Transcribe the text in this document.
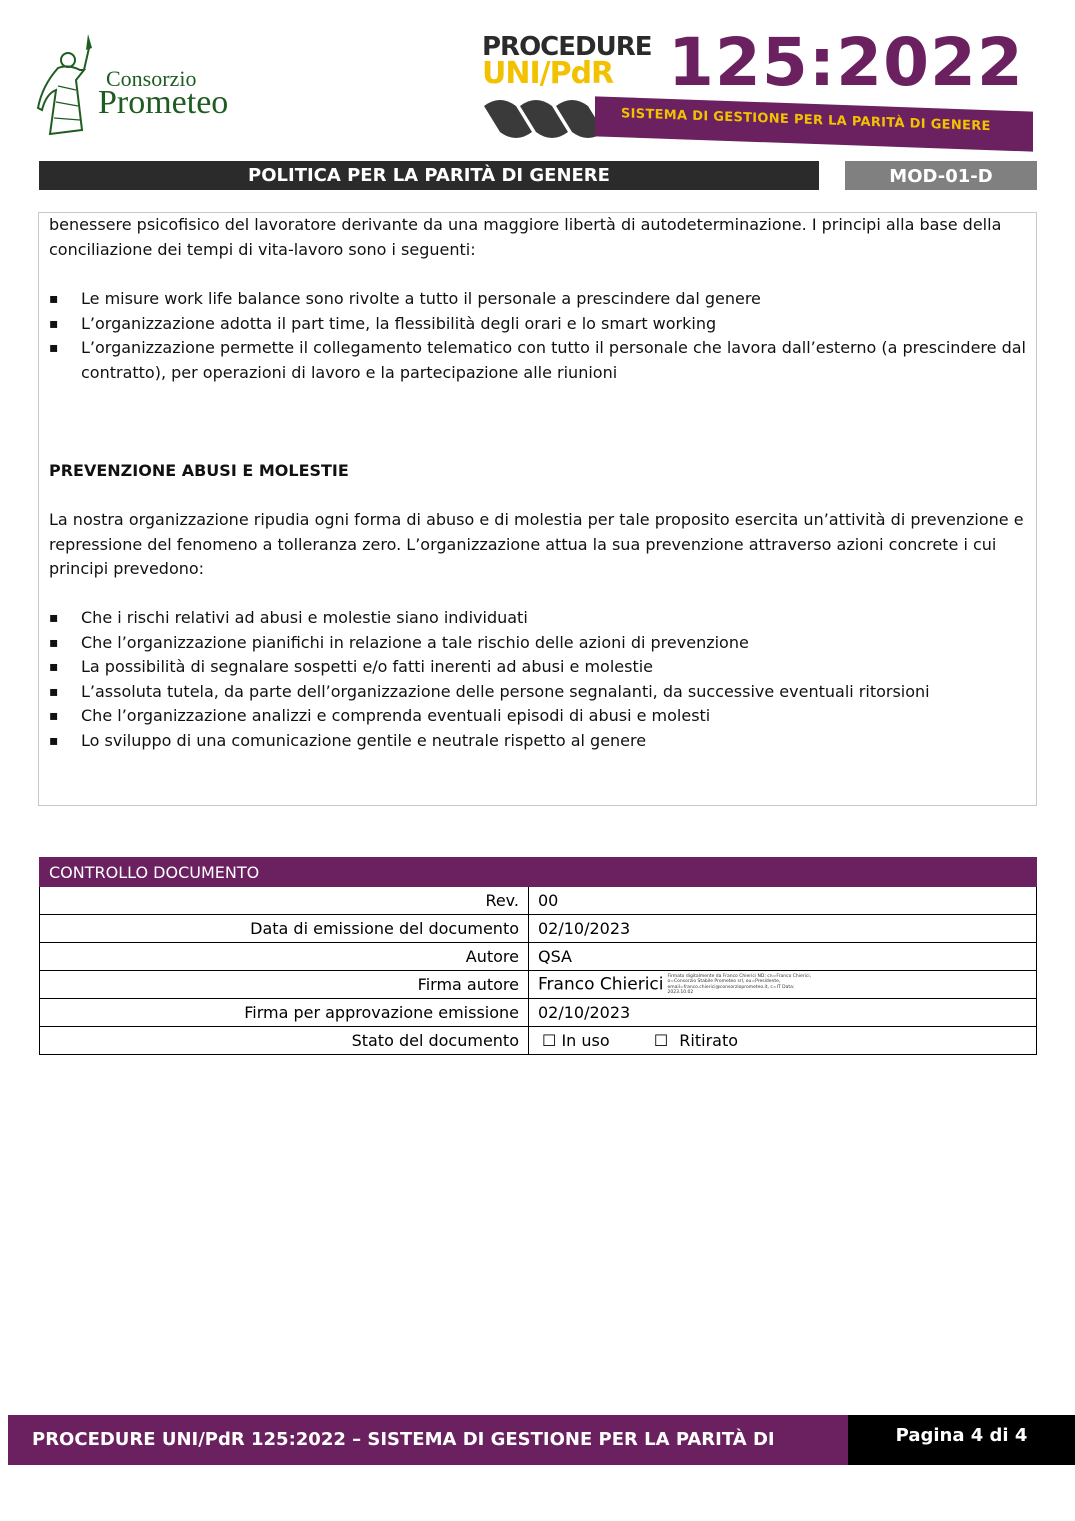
Consorzio
Prometeo
PROCEDURE
UNI/PdR 125:2022
SISTEMA DI GESTIONE PER LA PARITÀ DI GENERE
POLITICA PER LA PARITÀ DI GENERE	MOD-01-D
benessere psicofisico del lavoratore derivante da una maggiore libertà di autodeterminazione. I principi alla base della conciliazione dei tempi di vita-lavoro sono i seguenti:
▪ Le misure work life balance sono rivolte a tutto il personale a prescindere dal genere
▪ L’organizzazione adotta il part time, la flessibilità degli orari e lo smart working
▪ L’organizzazione permette il collegamento telematico con tutto il personale che lavora dall’esterno (a prescindere dal contratto), per operazioni di lavoro e la partecipazione alle riunioni
PREVENZIONE ABUSI E MOLESTIE
La nostra organizzazione ripudia ogni forma di abuso e di molestia per tale proposito esercita un’attività di prevenzione e repressione del fenomeno a tolleranza zero. L’organizzazione attua la sua prevenzione attraverso azioni concrete i cui principi prevedono:
▪ Che i rischi relativi ad abusi e molestie siano individuati
▪ Che l’organizzazione pianifichi in relazione a tale rischio delle azioni di prevenzione
▪ La possibilità di segnalare sospetti e/o fatti inerenti ad abusi e molestie
▪ L’assoluta tutela, da parte dell’organizzazione delle persone segnalanti, da successive eventuali ritorsioni
▪ Che l’organizzazione analizzi e comprenda eventuali episodi di abusi e molesti
▪ Lo sviluppo di una comunicazione gentile e neutrale rispetto al genere
CONTROLLO DOCUMENTO	
Rev.	00
Data di emissione del documento	02/10/2023
Autore	QSA
Firma autore	Franco Chierici Firmato digitalmente da Franco Chierici ND: cn=Franco Chierici, o=Consorzio Stabile Prometeo srl, ou=Presidente, email=franco.chierici@consorzioprometeo.it, c=IT Data: 2023.10.02
Firma per approvazione emissione	02/10/2023
Stato del documento	☐ In uso ☐ Ritirato
PROCEDURE UNI/PdR 125:2022 – SISTEMA DI GESTIONE PER LA PARITÀ DI GENERE
Pagina 4 di 4
